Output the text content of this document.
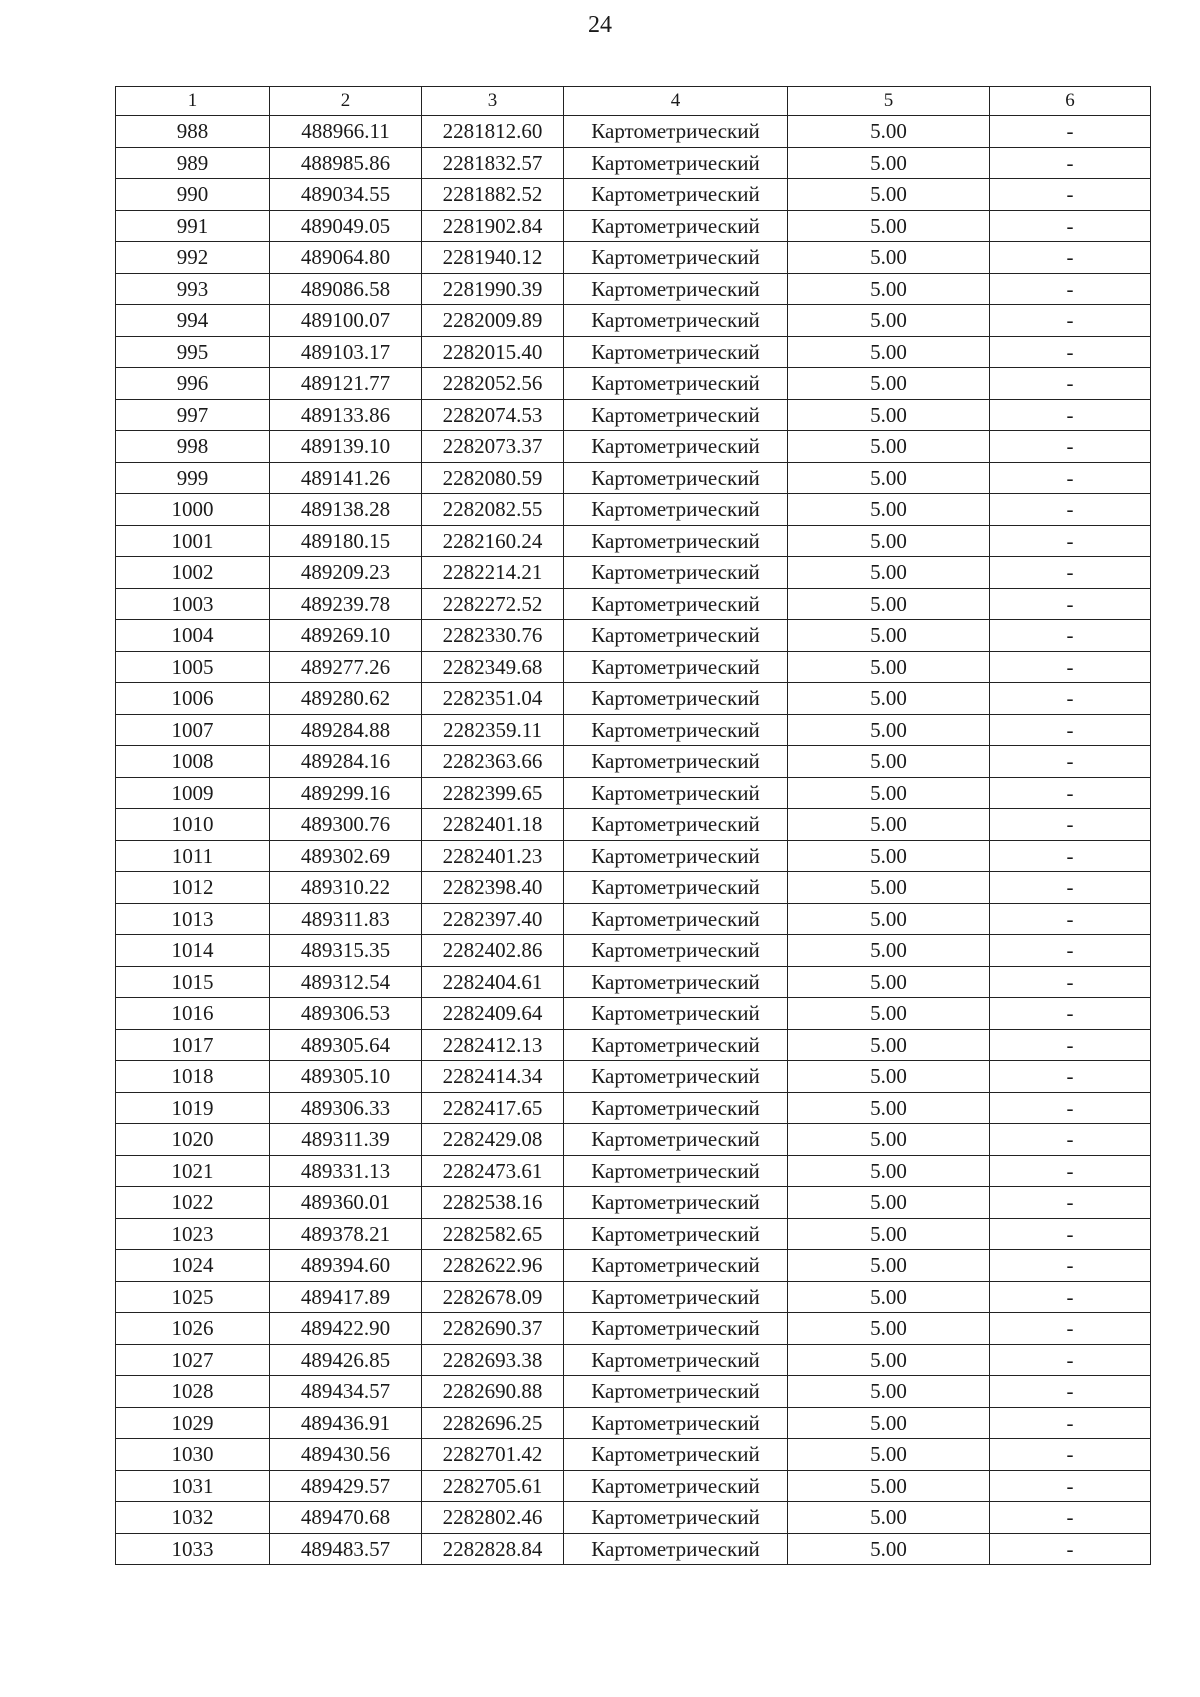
24
1	2	3	4	5	6
988	488966.11	2281812.60	Картометрический	5.00	-
989	488985.86	2281832.57	Картометрический	5.00	-
990	489034.55	2281882.52	Картометрический	5.00	-
991	489049.05	2281902.84	Картометрический	5.00	-
992	489064.80	2281940.12	Картометрический	5.00	-
993	489086.58	2281990.39	Картометрический	5.00	-
994	489100.07	2282009.89	Картометрический	5.00	-
995	489103.17	2282015.40	Картометрический	5.00	-
996	489121.77	2282052.56	Картометрический	5.00	-
997	489133.86	2282074.53	Картометрический	5.00	-
998	489139.10	2282073.37	Картометрический	5.00	-
999	489141.26	2282080.59	Картометрический	5.00	-
1000	489138.28	2282082.55	Картометрический	5.00	-
1001	489180.15	2282160.24	Картометрический	5.00	-
1002	489209.23	2282214.21	Картометрический	5.00	-
1003	489239.78	2282272.52	Картометрический	5.00	-
1004	489269.10	2282330.76	Картометрический	5.00	-
1005	489277.26	2282349.68	Картометрический	5.00	-
1006	489280.62	2282351.04	Картометрический	5.00	-
1007	489284.88	2282359.11	Картометрический	5.00	-
1008	489284.16	2282363.66	Картометрический	5.00	-
1009	489299.16	2282399.65	Картометрический	5.00	-
1010	489300.76	2282401.18	Картометрический	5.00	-
1011	489302.69	2282401.23	Картометрический	5.00	-
1012	489310.22	2282398.40	Картометрический	5.00	-
1013	489311.83	2282397.40	Картометрический	5.00	-
1014	489315.35	2282402.86	Картометрический	5.00	-
1015	489312.54	2282404.61	Картометрический	5.00	-
1016	489306.53	2282409.64	Картометрический	5.00	-
1017	489305.64	2282412.13	Картометрический	5.00	-
1018	489305.10	2282414.34	Картометрический	5.00	-
1019	489306.33	2282417.65	Картометрический	5.00	-
1020	489311.39	2282429.08	Картометрический	5.00	-
1021	489331.13	2282473.61	Картометрический	5.00	-
1022	489360.01	2282538.16	Картометрический	5.00	-
1023	489378.21	2282582.65	Картометрический	5.00	-
1024	489394.60	2282622.96	Картометрический	5.00	-
1025	489417.89	2282678.09	Картометрический	5.00	-
1026	489422.90	2282690.37	Картометрический	5.00	-
1027	489426.85	2282693.38	Картометрический	5.00	-
1028	489434.57	2282690.88	Картометрический	5.00	-
1029	489436.91	2282696.25	Картометрический	5.00	-
1030	489430.56	2282701.42	Картометрический	5.00	-
1031	489429.57	2282705.61	Картометрический	5.00	-
1032	489470.68	2282802.46	Картометрический	5.00	-
1033	489483.57	2282828.84	Картометрический	5.00	-
